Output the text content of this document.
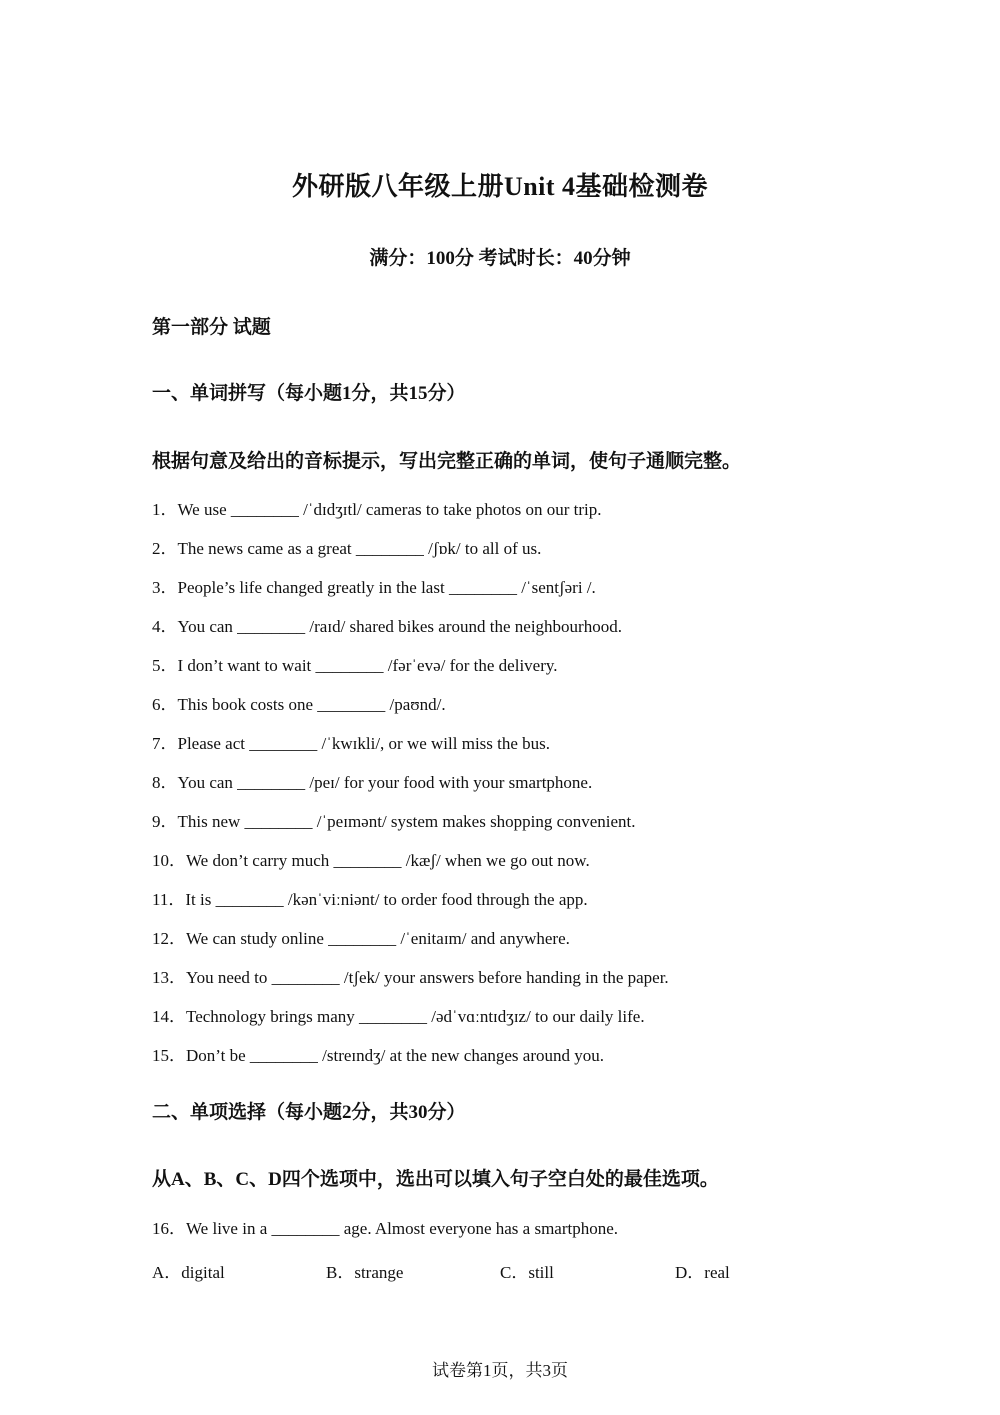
外研版八年级上册Unit 4基础检测卷
满分：100分 考试时长：40分钟
第一部分 试题
一、单词拼写（每小题1分，共15分）
根据句意及给出的音标提示，写出完整正确的单词，使句子通顺完整。
1．We use ________ /ˈdɪdʒɪtl/ cameras to take photos on our trip.
2．The news came as a great ________ /ʃɒk/ to all of us.
3．People’s life changed greatly in the last ________ /ˈsentʃəri /.
4．You can ________ /raɪd/ shared bikes around the neighbourhood.
5．I don’t want to wait ________ /fərˈevə/ for the delivery.
6．This book costs one ________ /paʊnd/.
7．Please act ________ /ˈkwɪkli/, or we will miss the bus.
8．You can ________ /peɪ/ for your food with your smartphone.
9．This new ________ /ˈpeɪmənt/ system makes shopping convenient.
10．We don’t carry much ________ /kæʃ/ when we go out now.
11．It is ________ /kənˈviːniənt/ to order food through the app.
12．We can study online ________ /ˈenitaɪm/ and anywhere.
13．You need to ________ /tʃek/ your answers before handing in the paper.
14．Technology brings many ________ /ədˈvɑːntɪdʒɪz/ to our daily life.
15．Don’t be ________ /streɪndʒ/ at the new changes around you.
二、单项选择（每小题2分，共30分）
从A、B、C、D四个选项中，选出可以填入句子空白处的最佳选项。
16．We live in a ________ age. Almost everyone has a smartphone.
A．digital	B．strange	C．still	D．real
试卷第1页，共3页
